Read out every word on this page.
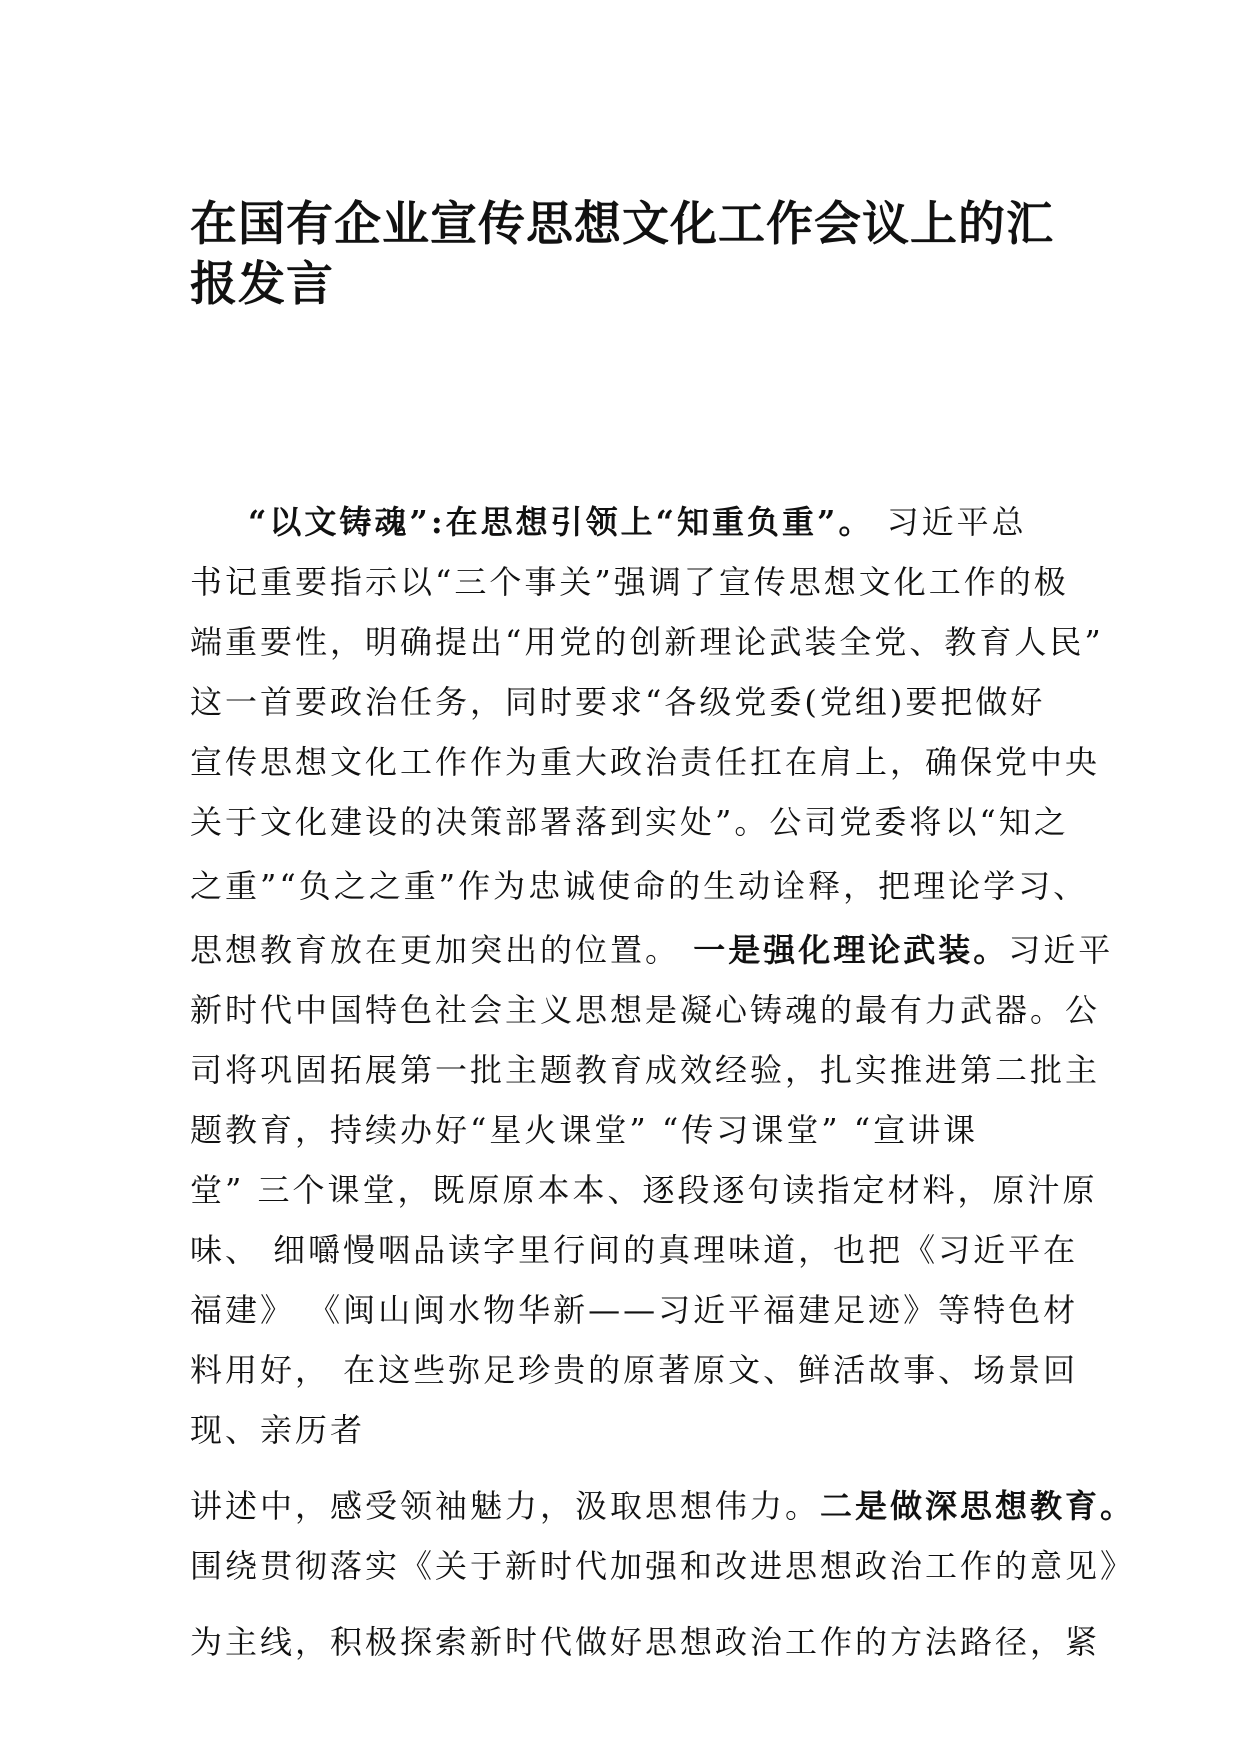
在国有企业宣传思想文化工作会议上的汇
报发言

“以文铸魂”:在思想引领上“知重负重”。 习近平总

书记重要指示以“三个事关”强调了宣传思想文化工作的极

端重要性，明确提出“用党的创新理论武装全党、教育人民”

这一首要政治任务，同时要求“各级党委(党组)要把做好

宣传思想文化工作作为重大政治责任扛在肩上，确保党中央

关于文化建设的决策部署落到实处”。公司党委将以“知之

之重”“负之之重”作为忠诚使命的生动诠释，把理论学习、

思想教育放在更加突出的位置。 一是强化理论武装。习近平

新时代中国特色社会主义思想是凝心铸魂的最有力武器。公

司将巩固拓展第一批主题教育成效经验，扎实推进第二批主

题教育，持续办好“星火课堂” “传习课堂” “宣讲课

堂” 三个课堂，既原原本本、逐段逐句读指定材料，原汁原

味、 细嚼慢咽品读字里行间的真理味道，也把《习近平在

福建》 《闽山闽水物华新——习近平福建足迹》等特色材

料用好， 在这些弥足珍贵的原著原文、鲜活故事、场景回

现、亲历者

讲述中，感受领袖魅力，汲取思想伟力。二是做深思想教育。

围绕贯彻落实《关于新时代加强和改进思想政治工作的意见》

为主线，积极探索新时代做好思想政治工作的方法路径，紧
